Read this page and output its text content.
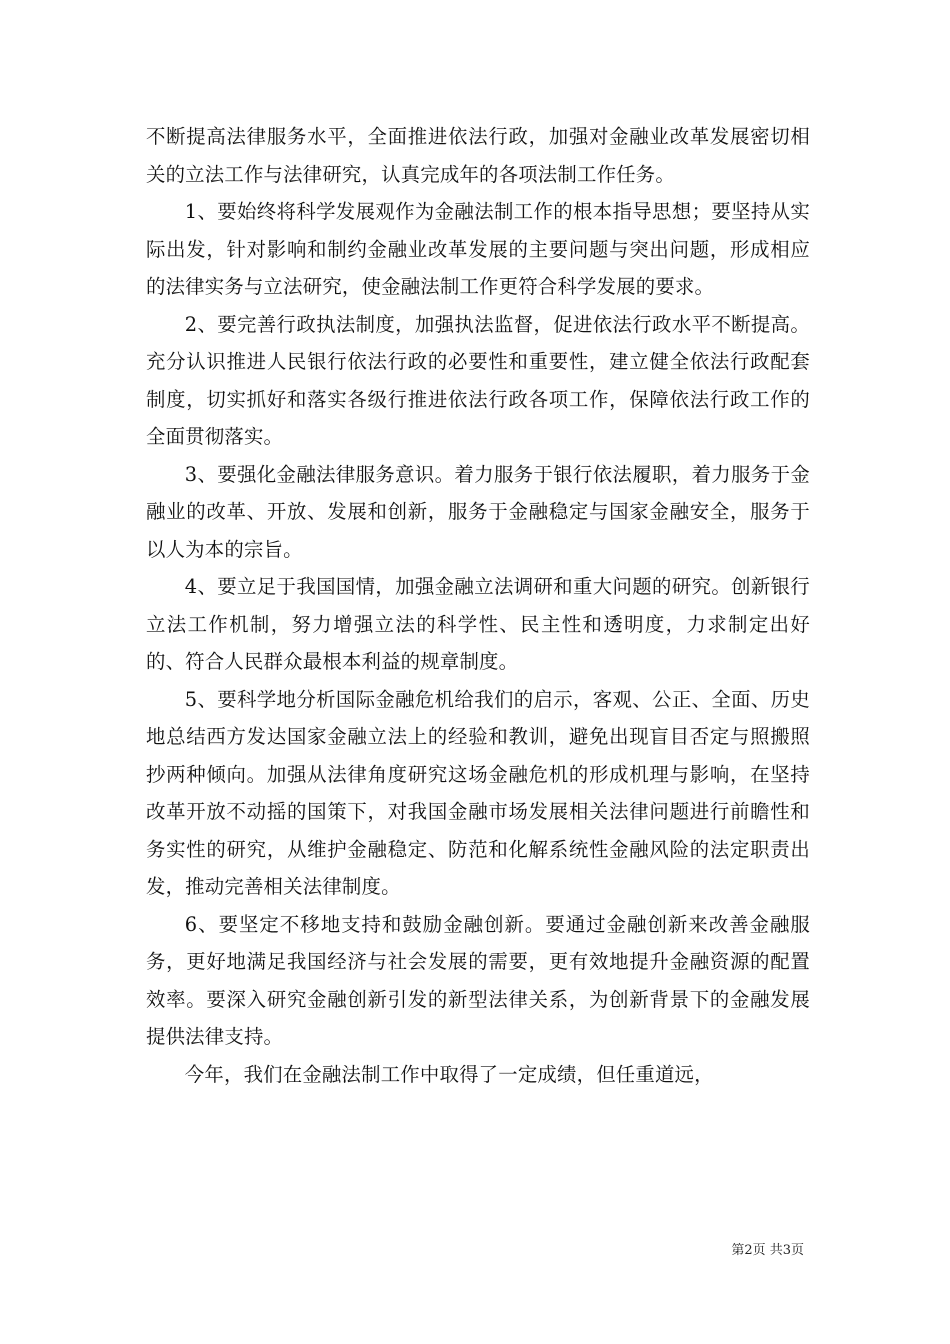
不断提高法律服务水平，全面推进依法行政，加强对金融业改革发展密切相关的立法工作与法律研究，认真完成年的各项法制工作任务。

1、要始终将科学发展观作为金融法制工作的根本指导思想；要坚持从实际出发，针对影响和制约金融业改革发展的主要问题与突出问题，形成相应的法律实务与立法研究，使金融法制工作更符合科学发展的要求。

2、要完善行政执法制度，加强执法监督，促进依法行政水平不断提高。充分认识推进人民银行依法行政的必要性和重要性，建立健全依法行政配套制度，切实抓好和落实各级行推进依法行政各项工作，保障依法行政工作的全面贯彻落实。

3、要强化金融法律服务意识。着力服务于银行依法履职，着力服务于金融业的改革、开放、发展和创新，服务于金融稳定与国家金融安全，服务于以人为本的宗旨。

4、要立足于我国国情，加强金融立法调研和重大问题的研究。创新银行立法工作机制，努力增强立法的科学性、民主性和透明度，力求制定出好的、符合人民群众最根本利益的规章制度。

5、要科学地分析国际金融危机给我们的启示，客观、公正、全面、历史地总结西方发达国家金融立法上的经验和教训，避免出现盲目否定与照搬照抄两种倾向。加强从法律角度研究这场金融危机的形成机理与影响，在坚持改革开放不动摇的国策下，对我国金融市场发展相关法律问题进行前瞻性和务实性的研究，从维护金融稳定、防范和化解系统性金融风险的法定职责出发，推动完善相关法律制度。

6、要坚定不移地支持和鼓励金融创新。要通过金融创新来改善金融服务，更好地满足我国经济与社会发展的需要，更有效地提升金融资源的配置效率。要深入研究金融创新引发的新型法律关系，为创新背景下的金融发展提供法律支持。

今年，我们在金融法制工作中取得了一定成绩，但任重道远，

第2页 共3页
